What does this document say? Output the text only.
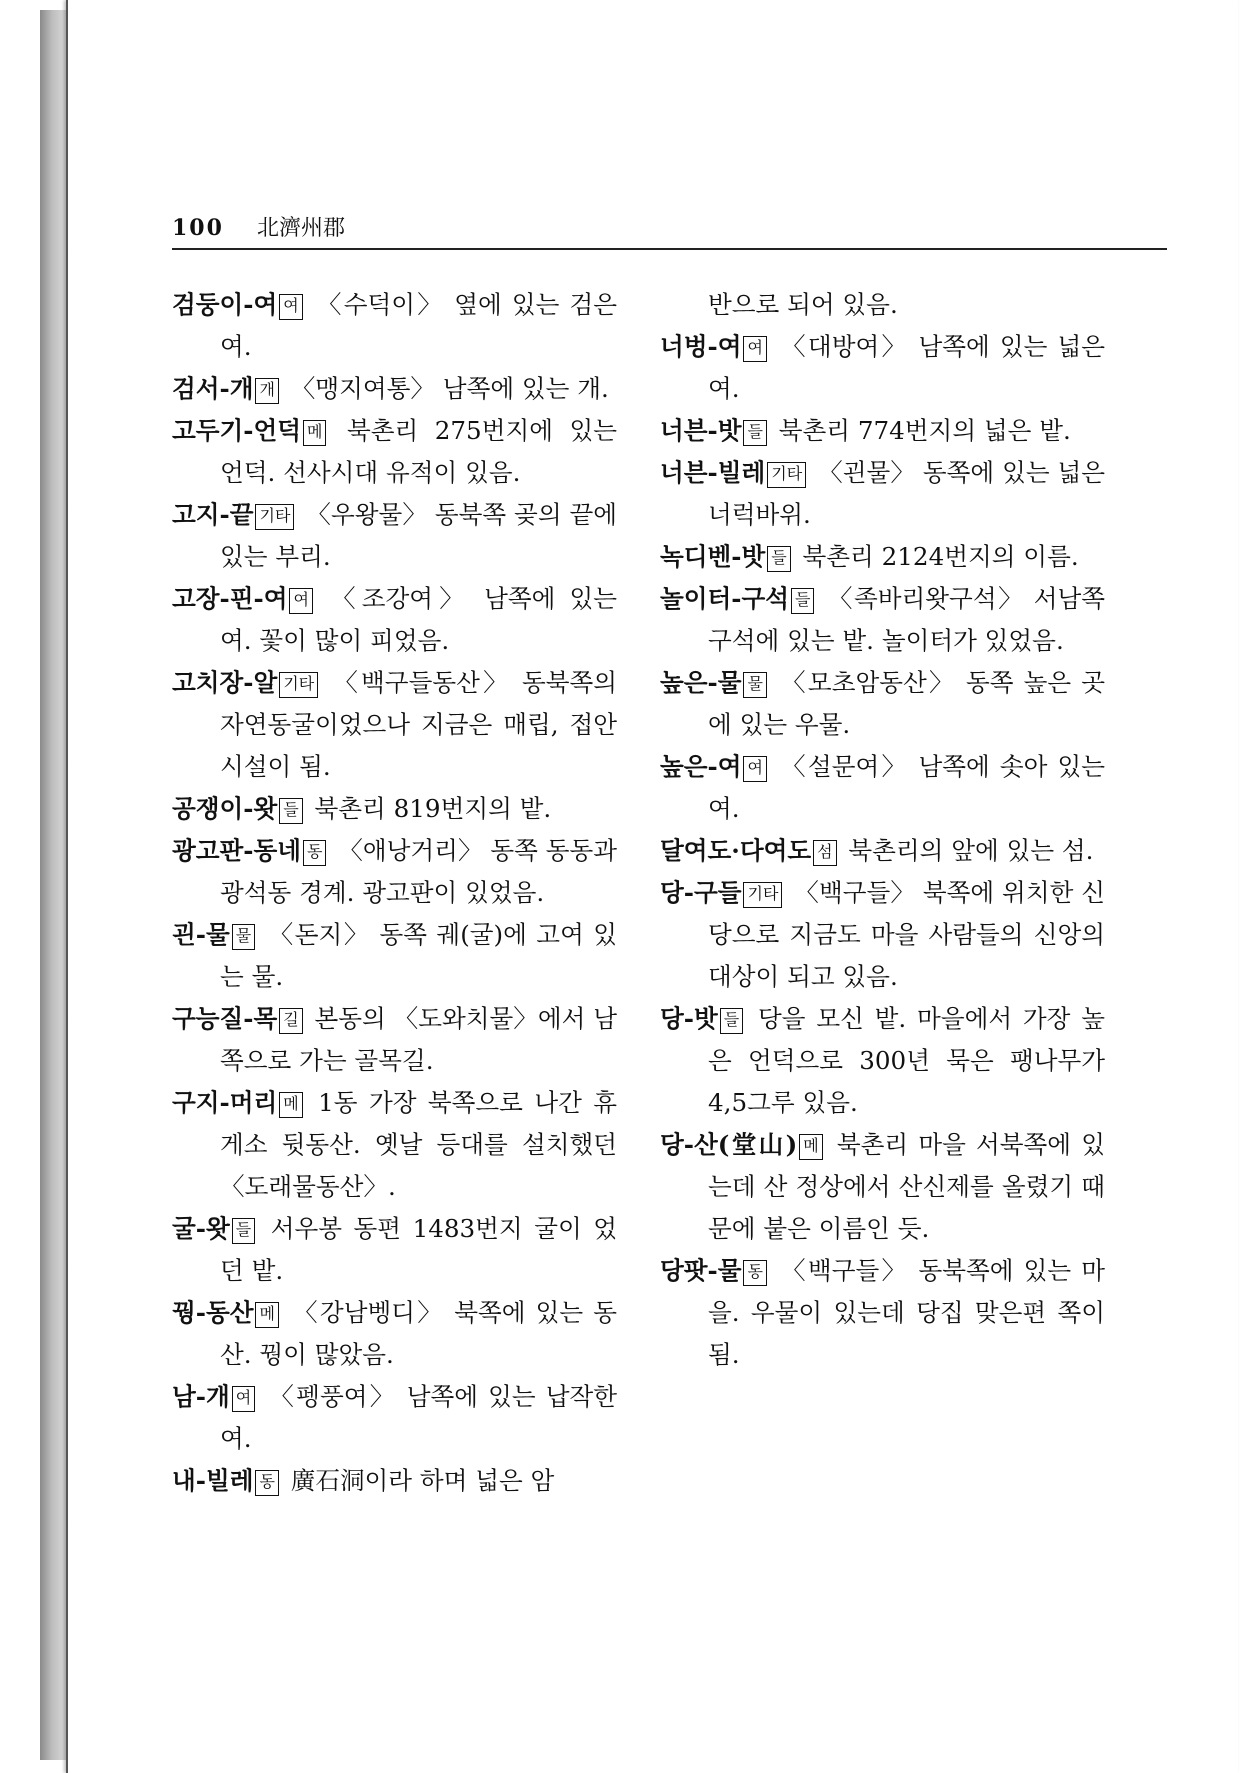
100 北濟州郡
검둥이-여 여 〈수덕이〉 옆에 있는 검은 여.
검서-개 개 〈맹지여통〉 남쪽에 있는 개.
고두기-언덕 메 북촌리 275번지에 있는 언덕. 선사시대 유적이 있음.
고지-끝 기타 〈우왕물〉 동북쪽 곶의 끝에 있는 부리.
고장-핀-여 여 〈조강여〉 남쪽에 있는 여. 꽃이 많이 피었음.
고치장-알 기타 〈백구들동산〉 동북쪽의 자연동굴이었으나 지금은 매립, 접안시설이 됨.
공쟁이-왓 들 북촌리 819번지의 밭.
광고판-동네 동 〈애낭거리〉 동쪽 동동과 광석동 경계. 광고판이 있었음.
괸-물 물 〈돈지〉 동쪽 궤(굴)에 고여 있는 물.
구능질-목 길 본동의 〈도와치물〉에서 남쪽으로 가는 골목길.
구지-머리 메 1동 가장 북쪽으로 나간 휴게소 뒷동산. 옛날 등대를 설치했던 〈도래물동산〉.
굴-왓 들 서우봉 동편 1483번지 굴이 었던 밭.
꿩-동산 메 〈강남벵디〉 북쪽에 있는 동산. 꿩이 많았음.
남-개 여 〈펭풍여〉 남쪽에 있는 납작한 여.
내-빌레 동 廣石洞이라 하며 넓은 암
반으로 되어 있음.
너벙-여 여 〈대방여〉 남쪽에 있는 넓은 여.
너븐-밧 들 북촌리 774번지의 넓은 밭.
너븐-빌레 기타 〈괸물〉 동쪽에 있는 넓은 너럭바위.
녹디벤-밧 들 북촌리 2124번지의 이름.
놀이터-구석 들 〈족바리왓구석〉 서남쪽 구석에 있는 밭. 놀이터가 있었음.
높은-물 물 〈모초암동산〉 동쪽 높은 곳에 있는 우물.
높은-여 여 〈설문여〉 남쪽에 솟아 있는 여.
달여도·다여도 섬 북촌리의 앞에 있는 섬.
당-구들 기타 〈백구들〉 북쪽에 위치한 신당으로 지금도 마을 사람들의 신앙의 대상이 되고 있음.
당-밧 들 당을 모신 밭. 마을에서 가장 높은 언덕으로 300년 묵은 팽나무가 4,5그루 있음.
당-산(堂山) 메 북촌리 마을 서북쪽에 있는데 산 정상에서 산신제를 올렸기 때문에 붙은 이름인 듯.
당팟-물 동 〈백구들〉 동북쪽에 있는 마을. 우물이 있는데 당집 맞은편 쪽이 됨.
